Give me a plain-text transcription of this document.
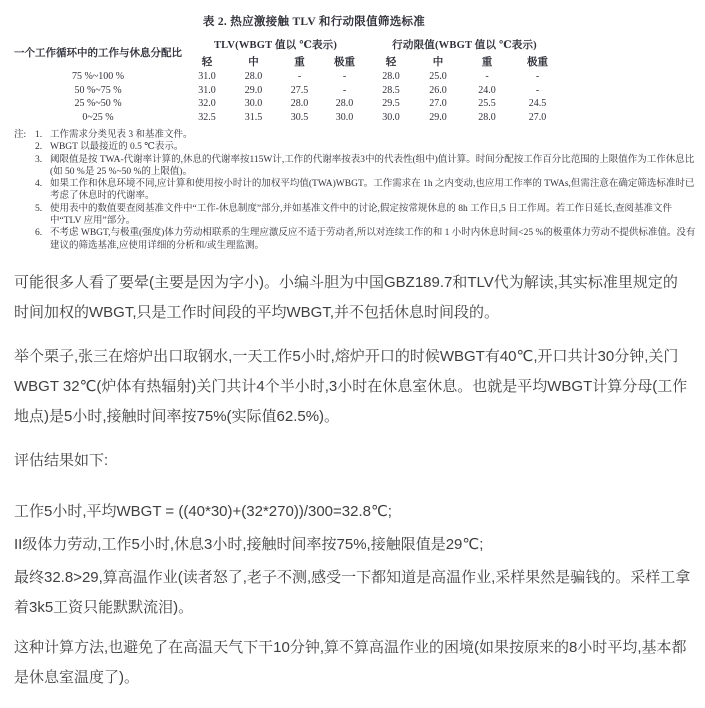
表 2. 热应激接触 TLV 和行动限值筛选标准
一个工作循环中的工作与休息分配比	TLV(WBGT 值以 ℃表示)				行动限值(WBGT 值以 ℃表示)			
	轻	中	重	极重	轻	中	重	极重
75 %~100 %	31.0	28.0	-	-	28.0	25.0	-	-
50 %~75 %	31.0	29.0	27.5	-	28.5	26.0	24.0	-
25 %~50 %	32.0	30.0	28.0	28.0	29.5	27.0	25.5	24.5
0~25 %	32.5	31.5	30.5	30.0	30.0	29.0	28.0	27.0
注: 1. 工作需求分类见表 3 和基准文件。
2. WBGT 以最接近的 0.5 ℃表示。
3. 阈限值是按 TWA-代谢率计算的,休息的代谢率按115W计,工作的代谢率按表3中的代表性(组中)值计算。时间分配按工作百分比范围的上限值作为工作休息比(如 50 %是 25 %~50 %的上限值)。
4. 如果工作和休息环境不同,应计算和使用按小时计的加权平均值(TWA)WBGT。工作需求在 1h 之内变动,也应用工作率的 TWAs,但需注意在确定筛选标准时已考虑了休息时的代谢率。
5. 使用表中的数值要查阅基准文件中“工作-休息制度”部分,并如基准文件中的讨论,假定按常规休息的 8h 工作日,5 日工作周。若工作日延长,查阅基准文件中“TLV 应用”部分。
6. 不考虑 WBGT,与极重(强度)体力劳动相联系的生理应激反应不适于劳动者,所以对连续工作的和 1 小时内休息时间<25 %的极重体力劳动不提供标准值。没有建议的筛选基准,应使用详细的分析和/或生理监测。

可能很多人看了要晕(主要是因为字小)。小编斗胆为中国GBZ189.7和TLV代为解读,其实标准里规定的时间加权的WBGT,只是工作时间段的平均WBGT,并不包括休息时间段的。

举个栗子,张三在熔炉出口取钢水,一天工作5小时,熔炉开口的时候WBGT有40℃,开口共计30分钟,关门WBGT 32℃(炉体有热辐射)关门共计4个半小时,3小时在休息室休息。也就是平均WBGT计算分母(工作地点)是5小时,接触时间率按75%(实际值62.5%)。

评估结果如下:

工作5小时,平均WBGT = ((40*30)+(32*270))/300=32.8℃;

II级体力劳动,工作5小时,休息3小时,接触时间率按75%,接触限值是29℃;

最终32.8>29,算高温作业(读者怒了,老子不测,感受一下都知道是高温作业,采样果然是骗钱的。采样工拿着3k5工资只能默默流泪)。

这种计算方法,也避免了在高温天气下干10分钟,算不算高温作业的困境(如果按原来的8小时平均,基本都是休息室温度了)。
